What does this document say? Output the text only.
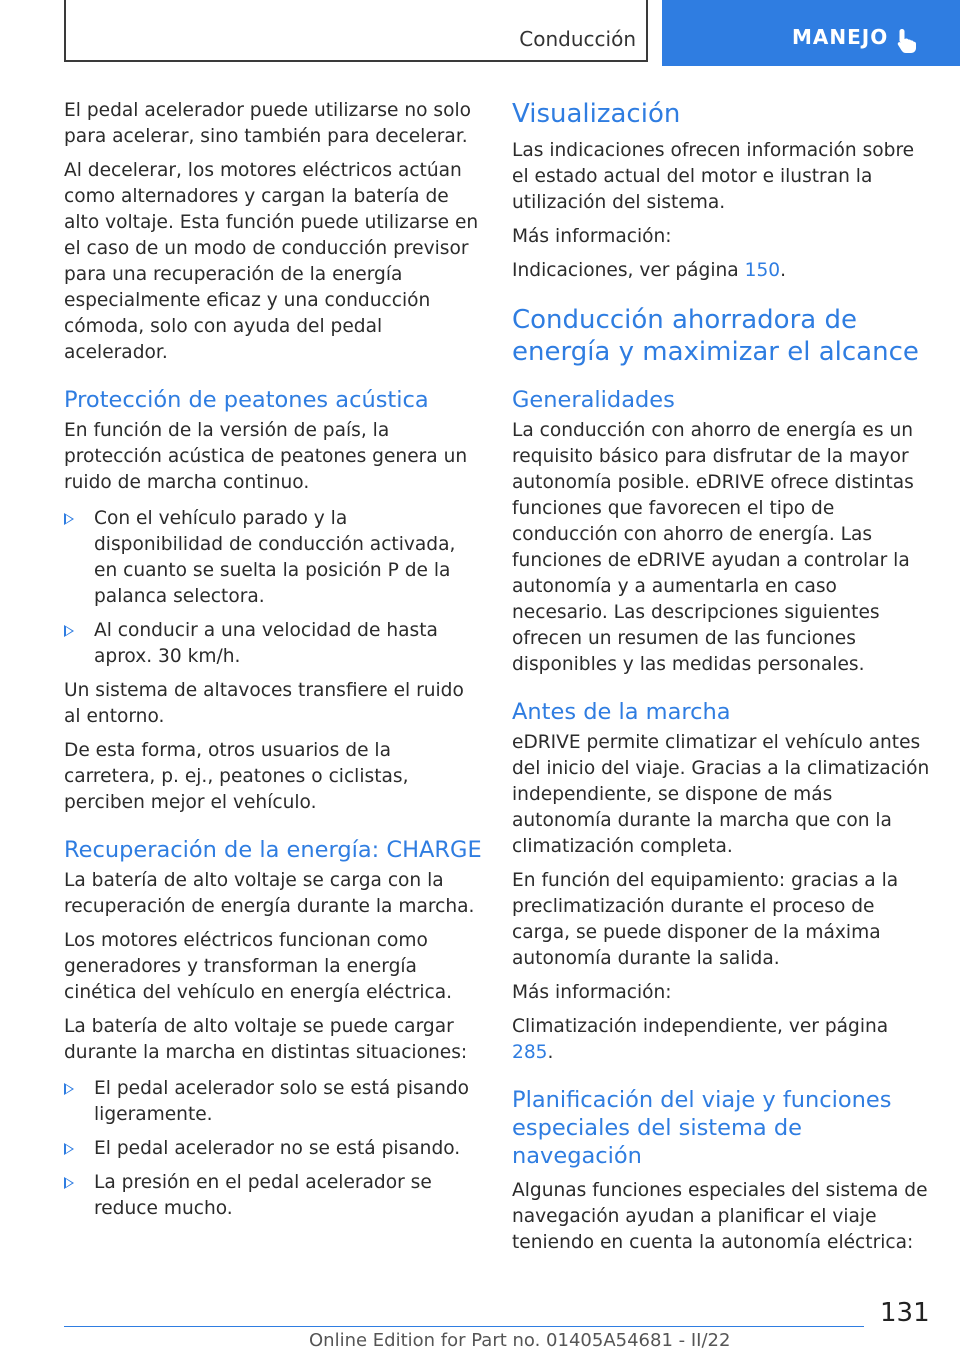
Conducción	MANEJO

El pedal acelerador puede utilizarse no solo para acelerar, sino también para decelerar.

Al decelerar, los motores eléctricos actúan como alternadores y cargan la batería de alto voltaje. Esta función puede utilizarse en el caso de un modo de conducción previsor para una recuperación de la energía especialmente eficaz y una conducción cómoda, solo con ayuda del pedal acelerador.

Protección de peatones acústica

En función de la versión de país, la protección acústica de peatones genera un ruido de marcha continuo.

Con el vehículo parado y la disponibilidad de conducción activada, en cuanto se suelta la posición P de la palanca selectora.
Al conducir a una velocidad de hasta aprox. 30 km/h.

Un sistema de altavoces transfiere el ruido al entorno.

De esta forma, otros usuarios de la carretera, p. ej., peatones o ciclistas, perciben mejor el vehículo.

Recuperación de la energía: CHARGE

La batería de alto voltaje se carga con la recuperación de energía durante la marcha.

Los motores eléctricos funcionan como generadores y transforman la energía cinética del vehículo en energía eléctrica.

La batería de alto voltaje se puede cargar durante la marcha en distintas situaciones:

El pedal acelerador solo se está pisando ligeramente.
El pedal acelerador no se está pisando.
La presión en el pedal acelerador se reduce mucho.
Visualización

Las indicaciones ofrecen información sobre el estado actual del motor e ilustran la utilización del sistema.

Más información:

Indicaciones, ver página 150.

Conducción ahorradora de energía y maximizar el alcance
Generalidades

La conducción con ahorro de energía es un requisito básico para disfrutar de la mayor autonomía posible. eDRIVE ofrece distintas funciones que favorecen el tipo de conducción con ahorro de energía. Las funciones de eDRIVE ayudan a controlar la autonomía y a aumentarla en caso necesario. Las descripciones siguientes ofrecen un resumen de las funciones disponibles y las medidas personales.

Antes de la marcha

eDRIVE permite climatizar el vehículo antes del inicio del viaje. Gracias a la climatización independiente, se dispone de más autonomía durante la marcha que con la climatización completa.

En función del equipamiento: gracias a la preclimatización durante el proceso de carga, se puede disponer de la máxima autonomía durante la salida.

Más información:

Climatización independiente, ver página 285.

Planificación del viaje y funciones especiales del sistema de navegación

Algunas funciones especiales del sistema de navegación ayudan a planificar el viaje teniendo en cuenta la autonomía eléctrica:

131
Online Edition for Part no. 01405A54681 - II/22
